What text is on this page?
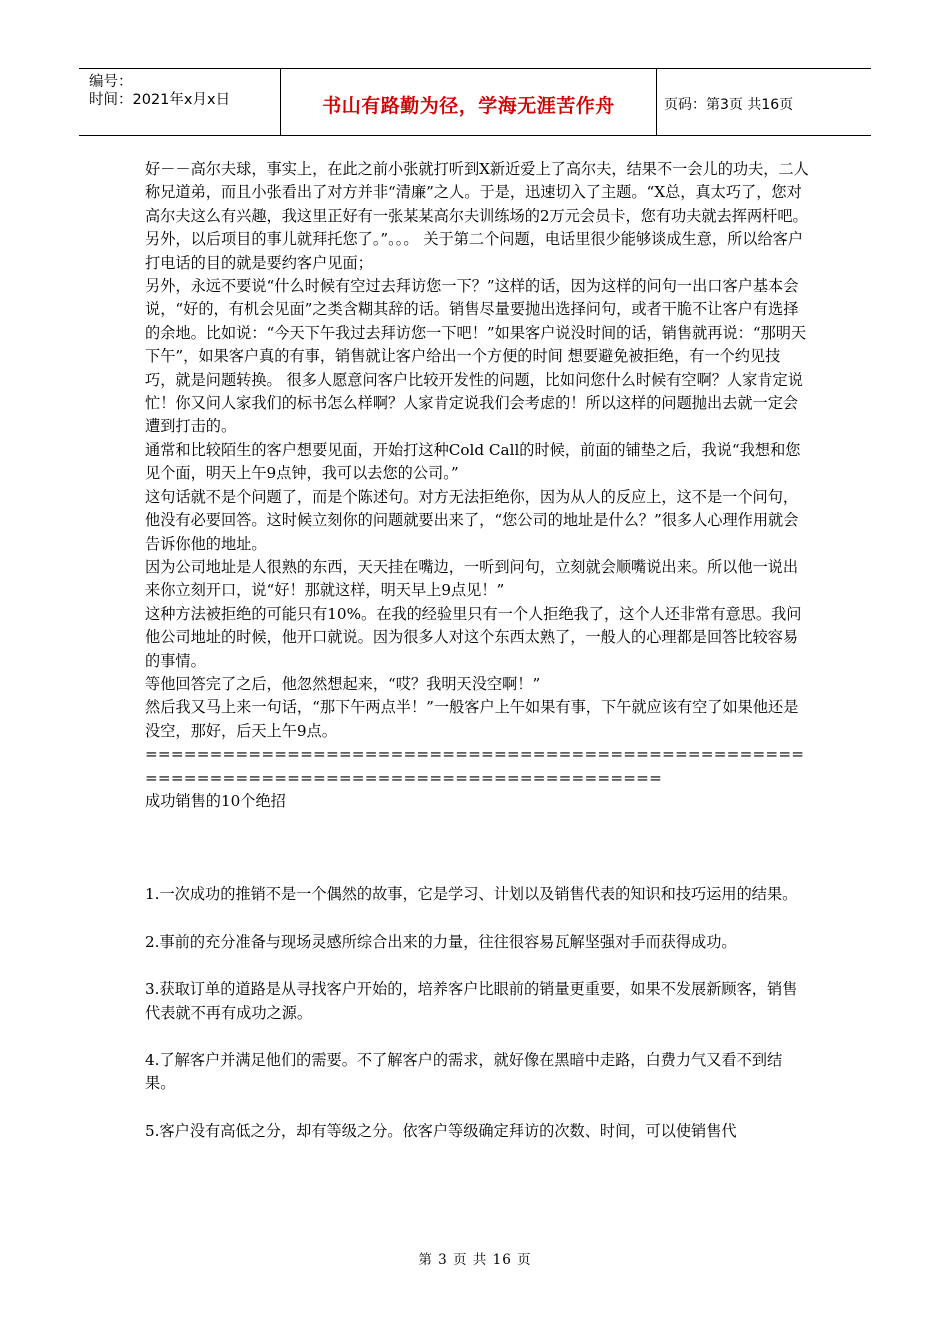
编号：
时间：2021年x月x日	书山有路勤为径，学海无涯苦作舟	页码：第3页 共16页

好－－高尔夫球，事实上，在此之前小张就打听到X新近爱上了高尔夫，结果不一会儿的功夫，二人称兄道弟，而且小张看出了对方并非“清廉”之人。于是，迅速切入了主题。“X总，真太巧了，您对高尔夫这么有兴趣，我这里正好有一张某某高尔夫训练场的2万元会员卡，您有功夫就去挥两杆吧。另外，以后项目的事儿就拜托您了。”。。。 关于第二个问题，电话里很少能够谈成生意，所以给客户打电话的目的就是要约客户见面；

另外，永远不要说“什么时候有空过去拜访您一下？”这样的话，因为这样的问句一出口客户基本会说，“好的，有机会见面”之类含糊其辞的话。销售尽量要抛出选择问句，或者干脆不让客户有选择的余地。比如说：“今天下午我过去拜访您一下吧！”如果客户说没时间的话，销售就再说：“那明天下午”，如果客户真的有事，销售就让客户给出一个方便的时间 想要避免被拒绝，有一个约见技巧，就是问题转换。 很多人愿意问客户比较开发性的问题，比如问您什么时候有空啊？人家肯定说忙！你又问人家我们的标书怎么样啊？人家肯定说我们会考虑的！所以这样的问题抛出去就一定会遭到打击的。

通常和比较陌生的客户想要见面，开始打这种Cold Call的时候，前面的铺垫之后，我说“我想和您见个面，明天上午9点钟，我可以去您的公司。”

这句话就不是个问题了，而是个陈述句。对方无法拒绝你，因为从人的反应上，这不是一个问句，他没有必要回答。这时候立刻你的问题就要出来了，“您公司的地址是什么？”很多人心理作用就会告诉你他的地址。

因为公司地址是人很熟的东西，天天挂在嘴边，一听到问句，立刻就会顺嘴说出来。所以他一说出来你立刻开口，说“好！那就这样，明天早上9点见！”

这种方法被拒绝的可能只有10%。在我的经验里只有一个人拒绝我了，这个人还非常有意思。我问他公司地址的时候，他开口就说。因为很多人对这个东西太熟了，一般人的心理都是回答比较容易的事情。

等他回答完了之后，他忽然想起来，“哎？我明天没空啊！”

然后我又马上来一句话，“那下午两点半！”一般客户上午如果有事，下午就应该有空了如果他还是没空，那好，后天上午9点。

===========================================================================================

成功销售的10个绝招

1.一次成功的推销不是一个偶然的故事，它是学习、计划以及销售代表的知识和技巧运用的结果。

2.事前的充分准备与现场灵感所综合出来的力量，往往很容易瓦解坚强对手而获得成功。

3.获取订单的道路是从寻找客户开始的，培养客户比眼前的销量更重要，如果不发展新顾客，销售代表就不再有成功之源。

4.了解客户并满足他们的需要。不了解客户的需求，就好像在黑暗中走路，白费力气又看不到结果。

5.客户没有高低之分，却有等级之分。依客户等级确定拜访的次数、时间，可以使销售代

第 3 页 共 16 页
